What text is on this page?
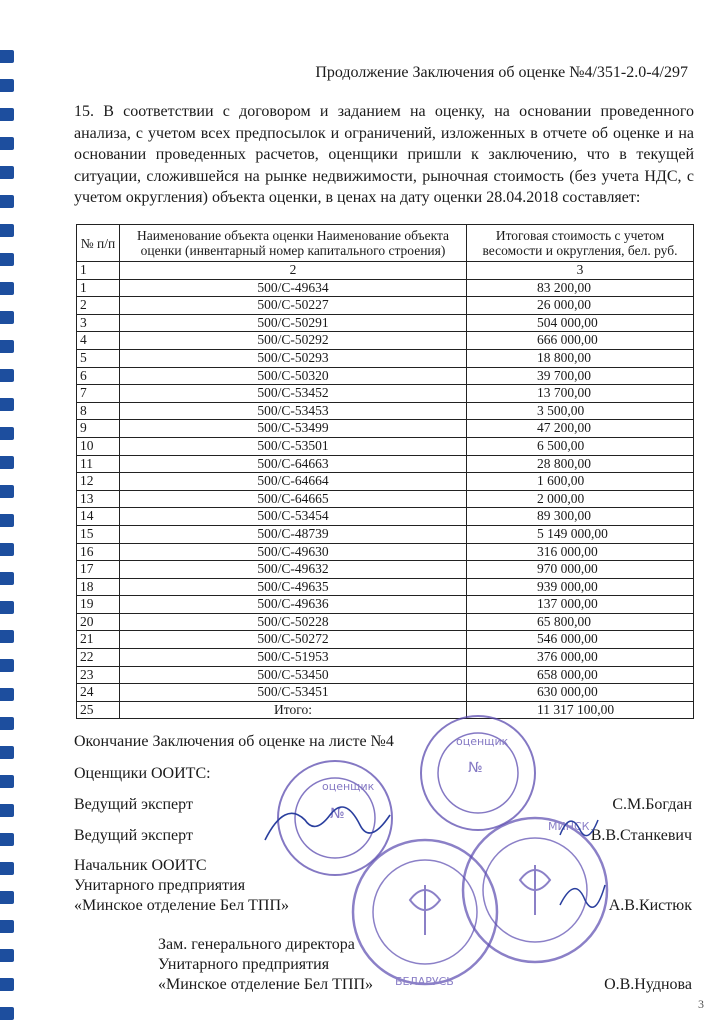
Продолжение Заключения об оценке №4/351-2.0-4/297
15. В соответствии с договором и заданием на оценку, на основании проведенного анализа, с учетом всех предпосылок и ограничений, изложенных в отчете об оценке и на основании проведенных расчетов, оценщики пришли к заключению, что в текущей ситуации, сложившейся на рынке недвижимости, рыночная стоимость (без учета НДС, с учетом округления) объекта оценки, в ценах на дату оценки 28.04.2018 составляет:
№ п/п	Наименование объекта оценки Наименование объекта оценки (инвентарный номер капитального строения)	Итоговая стоимость с учетом весомости и округления, бел. руб.
1	2	3
1	500/С-49634	83 200,00
2	500/С-50227	26 000,00
3	500/С-50291	504 000,00
4	500/С-50292	666 000,00
5	500/С-50293	18 800,00
6	500/С-50320	39 700,00
7	500/С-53452	13 700,00
8	500/С-53453	3 500,00
9	500/С-53499	47 200,00
10	500/С-53501	6 500,00
11	500/С-64663	28 800,00
12	500/С-64664	1 600,00
13	500/С-64665	2 000,00
14	500/С-53454	89 300,00
15	500/С-48739	5 149 000,00
16	500/С-49630	316 000,00
17	500/С-49632	970 000,00
18	500/С-49635	939 000,00
19	500/С-49636	137 000,00
20	500/С-50228	65 800,00
21	500/С-50272	546 000,00
22	500/С-51953	376 000,00
23	500/С-53450	658 000,00
24	500/С-53451	630 000,00
25	Итого:	11 317 100,00
Окончание Заключения об оценке на листе №4
Оценщики ООИТС:
Ведущий эксперт	С.М.Богдан
Ведущий эксперт	В.В.Станкевич
Начальник ООИТС
Унитарного предприятия
«Минское отделение Бел ТПП»	А.В.Кистюк
Зам. генерального директора
Унитарного предприятия
«Минское отделение Бел ТПП»	О.В.Нуднова
оценщик
№
оценщик
№
БЕЛАРУСЬ
МИНСК
3
